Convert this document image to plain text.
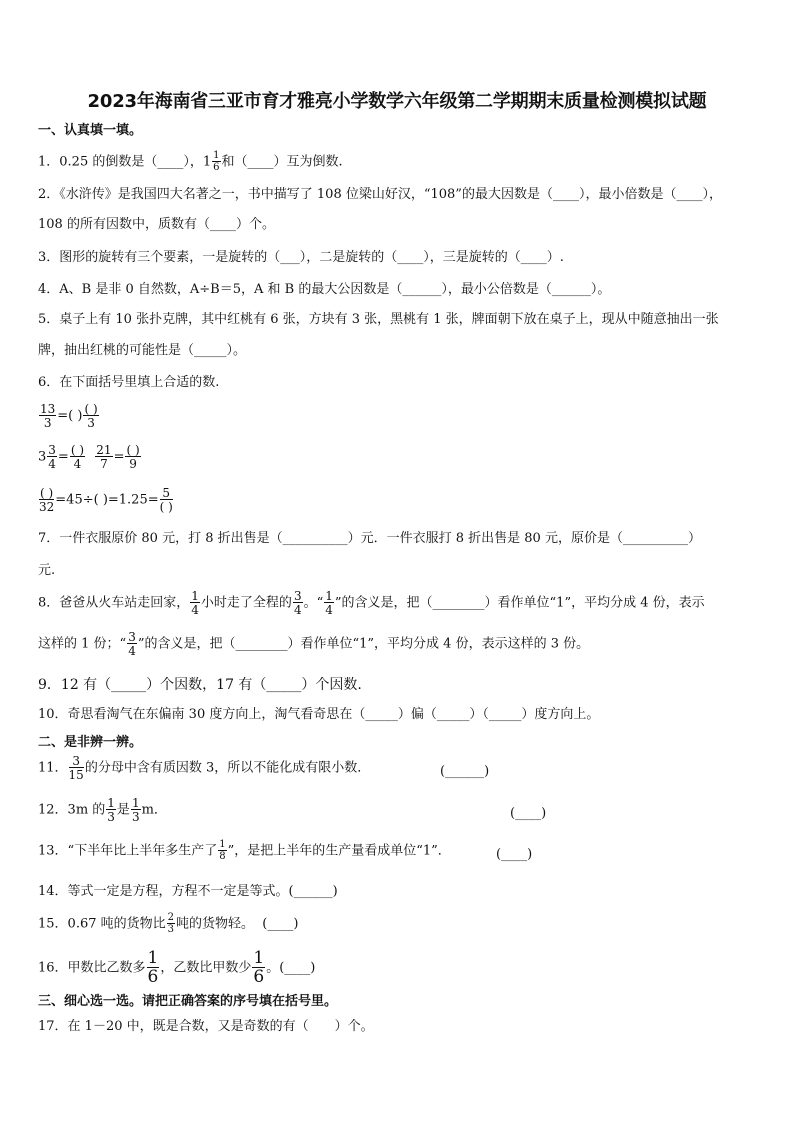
2023年海南省三亚市育才雅亮小学数学六年级第二学期期末质量检测模拟试题
一、认真填一填。
1．0.25 的倒数是（____），$1 \frac{1}{6}$ 和（____）互为倒数.
2．《水浒传》是我国四大名著之一，书中描写了 108 位梁山好汉，“108”的最大因数是（____），最小倍数是（____），
108 的所有因数中，质数有（____）个。
3．图形的旋转有三个要素，一是旋转的（___），二是旋转的（____），三是旋转的（____）.
4．A、B 是非 0 自然数，A÷B＝5，A 和 B 的最大公因数是（______），最小公倍数是（______）。
5．桌子上有 10 张扑克牌，其中红桃有 6 张，方块有 3 张，黑桃有 1 张，牌面朝下放在桌子上，现从中随意抽出一张
牌，抽出红桃的可能性是（_____）。
6．在下面括号里填上合适的数.
$\frac{13}{3}$ =( ) $\frac{( )}{3}$
$3 \frac{3}{4} = \frac{( )}{4}$
$\frac{21}{7} = \frac{( )}{9}$
$\frac{( )}{32} =45\div$( )$=1.25= \frac{5}{( )}$
7．一件衣服原价 80 元，打 8 折出售是（__________）元．一件衣服打 8 折出售是 80 元，原价是（__________）
元.
8．爸爸从火车站走回家， $\frac{1}{4}$ 小时走了全程的 $\frac{3}{4}$ 。“ $\frac{1}{4}$ ”的含义是，把（________）看作单位“1”，平均分成 4 份，表示
这样的 1 份；“ $\frac{3}{4}$ ”的含义是，把（________）看作单位“1”，平均分成 4 份，表示这样的 3 份。
9．12 有（_____）个因数，17 有（_____）个因数.
10．奇思看淘气在东偏南 30 度方向上，淘气看奇思在（_____）偏（_____）（_____）度方向上。
二、是非辨一辨。
11． $\frac{3}{15}$ 的分母中含有质因数 3，所以不能化成有限小数．	(______)
12．3m 的 $\frac{1}{3}$ 是 $\frac{1}{3}$ m．	(____)
13．“下半年比上半年多生产了 $\frac{1}{8}$ ”，是把上半年的生产量看成单位“1”．	(____)
14．等式一定是方程，方程不一定是等式。(______)
15．0.67 吨的货物比 $\frac{2}{3}$ 吨的货物轻。 (____)
16．甲数比乙数多 $\frac{1}{6}$ ，乙数比甲数少 $\frac{1}{6}$ 。(____)
三、细心选一选。请把正确答案的序号填在括号里。
17．在 1－20 中，既是合数，又是奇数的有（　　）个。
